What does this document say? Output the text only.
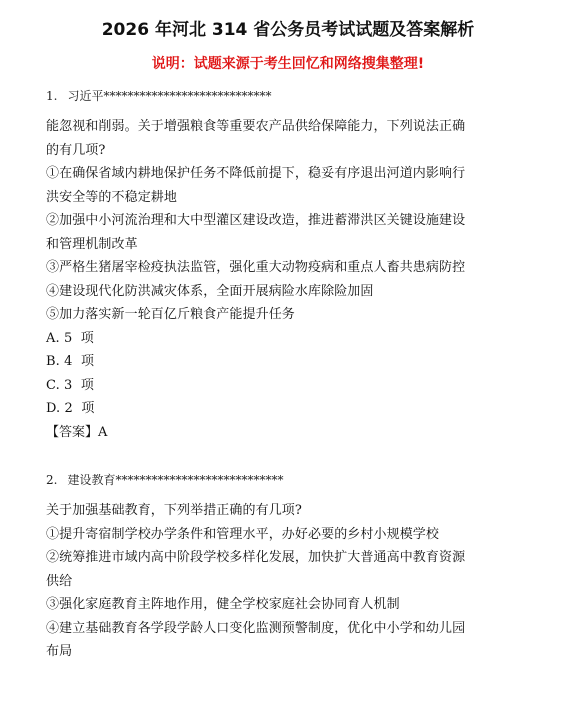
2026 年河北 314 省公务员考试试题及答案解析
说明：试题来源于考生回忆和网络搜集整理!
1. 习近平****************************
能忽视和削弱。关于增强粮食等重要农产品供给保障能力，下列说法正确
的有几项?
①在确保省域内耕地保护任务不降低前提下，稳妥有序退出河道内影响行
洪安全等的不稳定耕地
②加强中小河流治理和大中型灌区建设改造，推进蓄滞洪区关键设施建设
和管理机制改革
③严格生猪屠宰检疫执法监管，强化重大动物疫病和重点人畜共患病防控
④建设现代化防洪减灾体系，全面开展病险水库除险加固
⑤加力落实新一轮百亿斤粮食产能提升任务
A. 5  项
B. 4  项
C. 3  项
D. 2  项
【答案】A
2. 建设教育****************************
关于加强基础教育，下列举措正确的有几项?
①提升寄宿制学校办学条件和管理水平，办好必要的乡村小规模学校
②统筹推进市域内高中阶段学校多样化发展，加快扩大普通高中教育资源
供给
③强化家庭教育主阵地作用，健全学校家庭社会协同育人机制
④建立基础教育各学段学龄人口变化监测预警制度，优化中小学和幼儿园
布局
